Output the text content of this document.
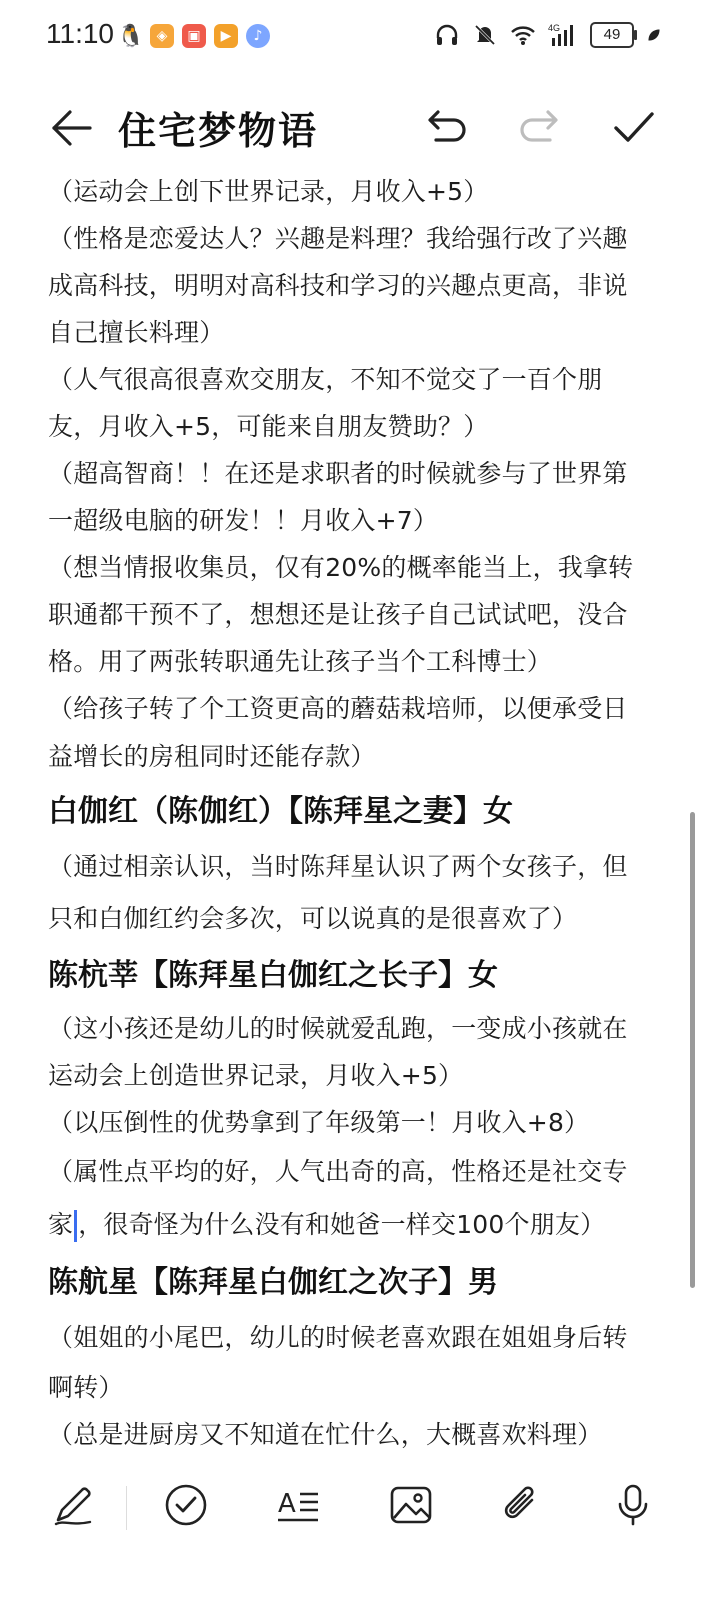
11:10 🐧 ◈	▣	▶	♪	4G	49
住宅梦物语
（运动会上创下世界记录，月收入+5）
（性格是恋爱达人？兴趣是料理？我给强行改了兴趣
成高科技，明明对高科技和学习的兴趣点更高，非说
自己擅长料理）
（人气很高很喜欢交朋友，不知不觉交了一百个朋
友，月收入+5，可能来自朋友赞助？）
（超高智商！！在还是求职者的时候就参与了世界第
一超级电脑的研发！！月收入+7）
（想当情报收集员，仅有20%的概率能当上，我拿转
职通都干预不了，想想还是让孩子自己试试吧，没合
格。用了两张转职通先让孩子当个工科博士）
（给孩子转了个工资更高的蘑菇栽培师，以便承受日
益增长的房租同时还能存款）
白伽红（陈伽红）【陈拜星之妻】女
（通过相亲认识，当时陈拜星认识了两个女孩子，但
只和白伽红约会多次，可以说真的是很喜欢了）
陈杭莘【陈拜星白伽红之长子】女
（这小孩还是幼儿的时候就爱乱跑，一变成小孩就在
运动会上创造世界记录，月收入+5）
（以压倒性的优势拿到了年级第一！月收入+8）
（属性点平均的好，人气出奇的高，性格还是社交专
家 ，很奇怪为什么没有和她爸一样交100个朋友）
陈航星【陈拜星白伽红之次子】男
（姐姐的小尾巴，幼儿的时候老喜欢跟在姐姐身后转
啊转）
（总是进厨房又不知道在忙什么，大概喜欢料理）
A
